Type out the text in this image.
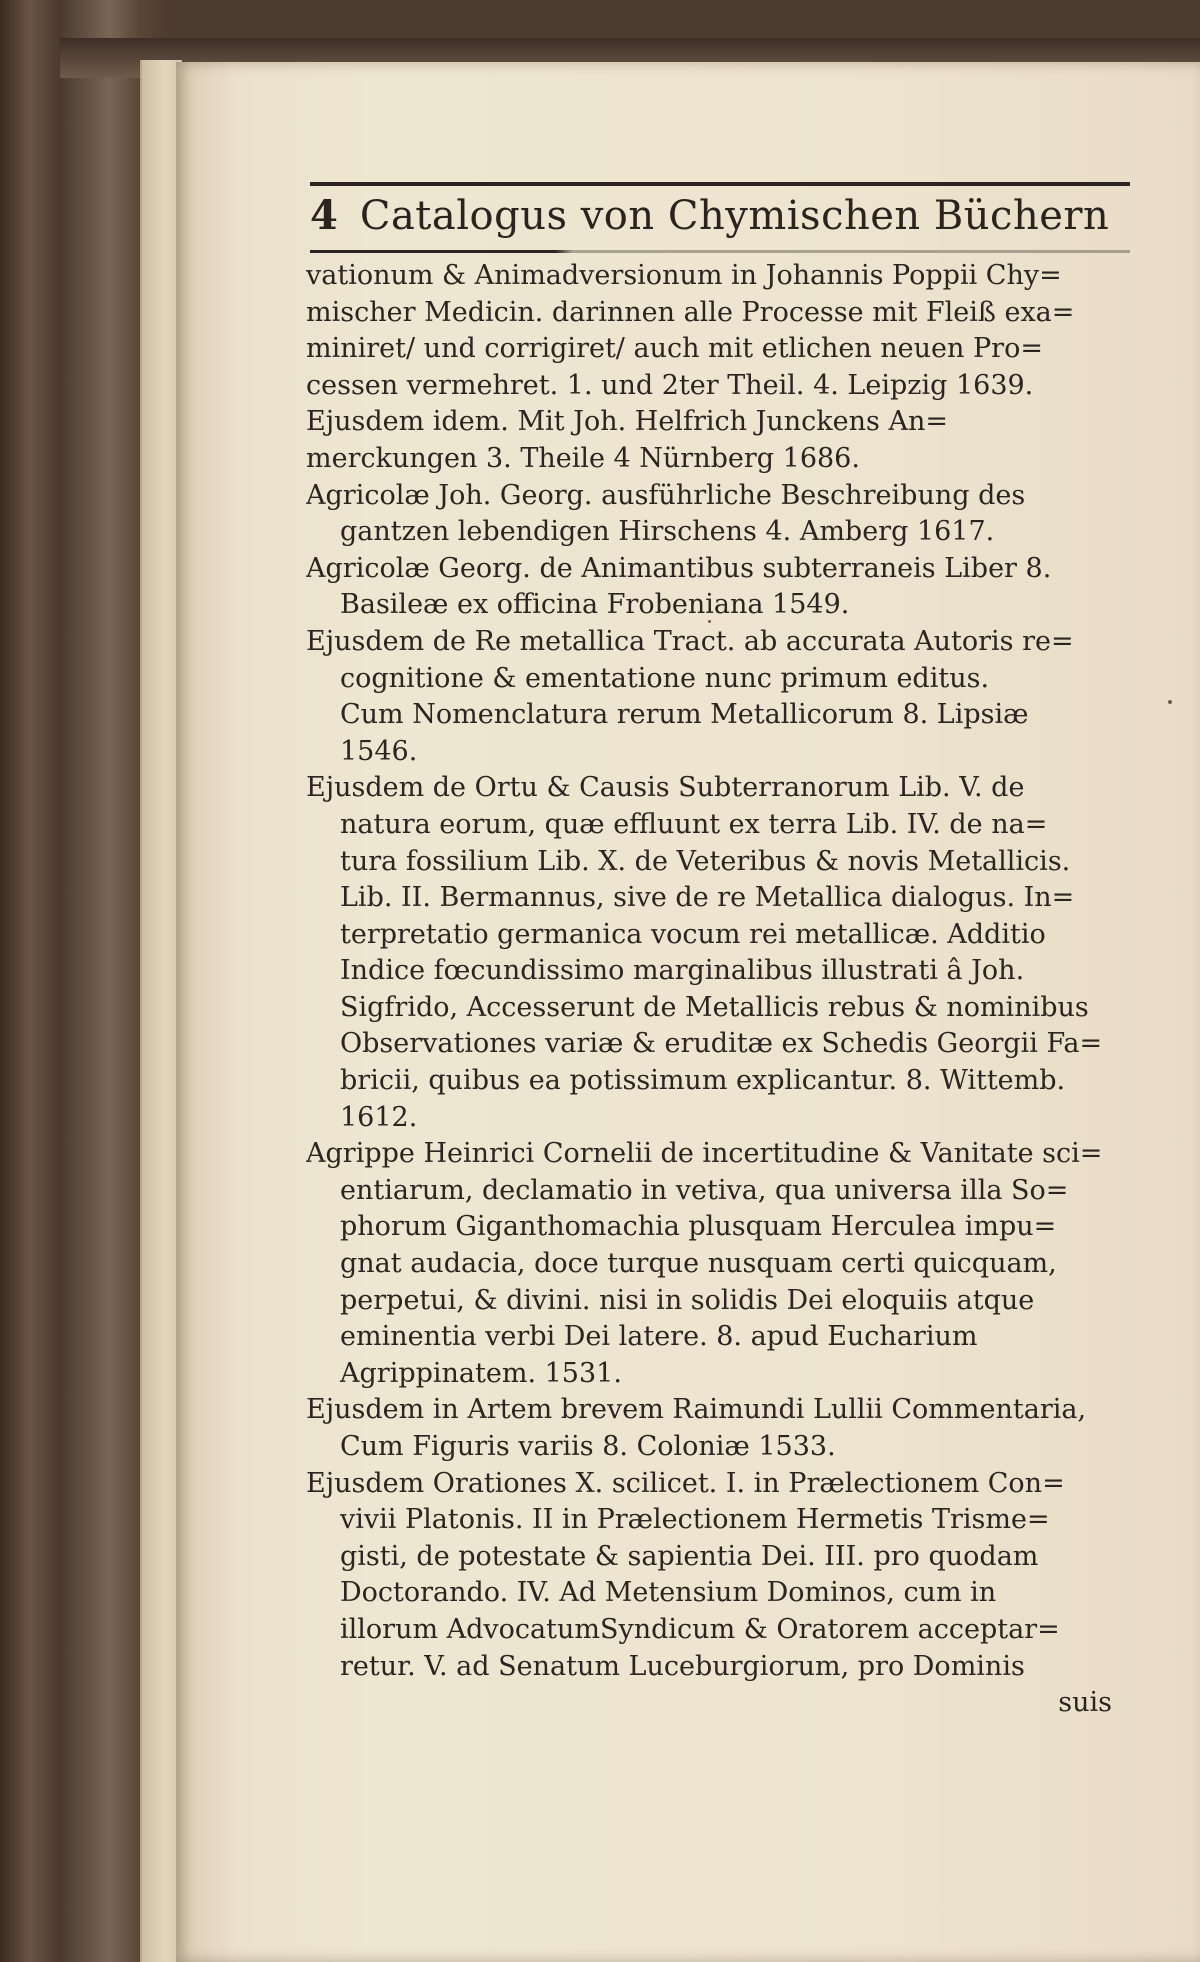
4 Catalogus von Chymischen Büchern
vationum & Animadversionum in Johannis Poppii Chy=
mischer Medicin. darinnen alle Processe mit Fleiß exa=
miniret/ und corrigiret/ auch mit etlichen neuen Pro=
cessen vermehret. 1. und 2ter Theil. 4. Leipzig 1639.
Ejusdem idem. Mit Joh. Helfrich Junckens An=
merckungen 3. Theile 4 Nürnberg 1686.
Agricolæ Joh. Georg. ausführliche Beschreibung des
gantzen lebendigen Hirschens 4. Amberg 1617.
Agricolæ Georg. de Animantibus subterraneis Liber 8.
Basileæ ex officina Frobeniana 1549.
Ejusdem de Re metallica Tract. ab accurata Autoris re=
cognitione & ementatione nunc primum editus.
Cum Nomenclatura rerum Metallicorum 8. Lipsiæ
1546.
Ejusdem de Ortu & Causis Subterranorum Lib. V. de
natura eorum, quæ effluunt ex terra Lib. IV. de na=
tura fossilium Lib. X. de Veteribus & novis Metallicis.
Lib. II. Bermannus, sive de re Metallica dialogus. In=
terpretatio germanica vocum rei metallicæ. Additio
Indice fœcundissimo marginalibus illustrati â Joh.
Sigfrido, Accesserunt de Metallicis rebus & nominibus
Observationes variæ & eruditæ ex Schedis Georgii Fa=
bricii, quibus ea potissimum explicantur. 8. Wittemb.
1612.
Agrippe Heinrici Cornelii de incertitudine & Vanitate sci=
entiarum, declamatio in vetiva, qua universa illa So=
phorum Giganthomachia plusquam Herculea impu=
gnat audacia, doce turque nusquam certi quicquam,
perpetui, & divini. nisi in solidis Dei eloquiis atque
eminentia verbi Dei latere. 8. apud Eucharium
Agrippinatem. 1531.
Ejusdem in Artem brevem Raimundi Lullii Commentaria,
Cum Figuris variis 8. Coloniæ 1533.
Ejusdem Orationes X. scilicet. I. in Prælectionem Con=
vivii Platonis. II in Prælectionem Hermetis Trisme=
gisti, de potestate & sapientia Dei. III. pro quodam
Doctorando. IV. Ad Metensium Dominos, cum in
illorum AdvocatumSyndicum & Oratorem acceptar=
retur. V. ad Senatum Luceburgiorum, pro Dominis
suis
